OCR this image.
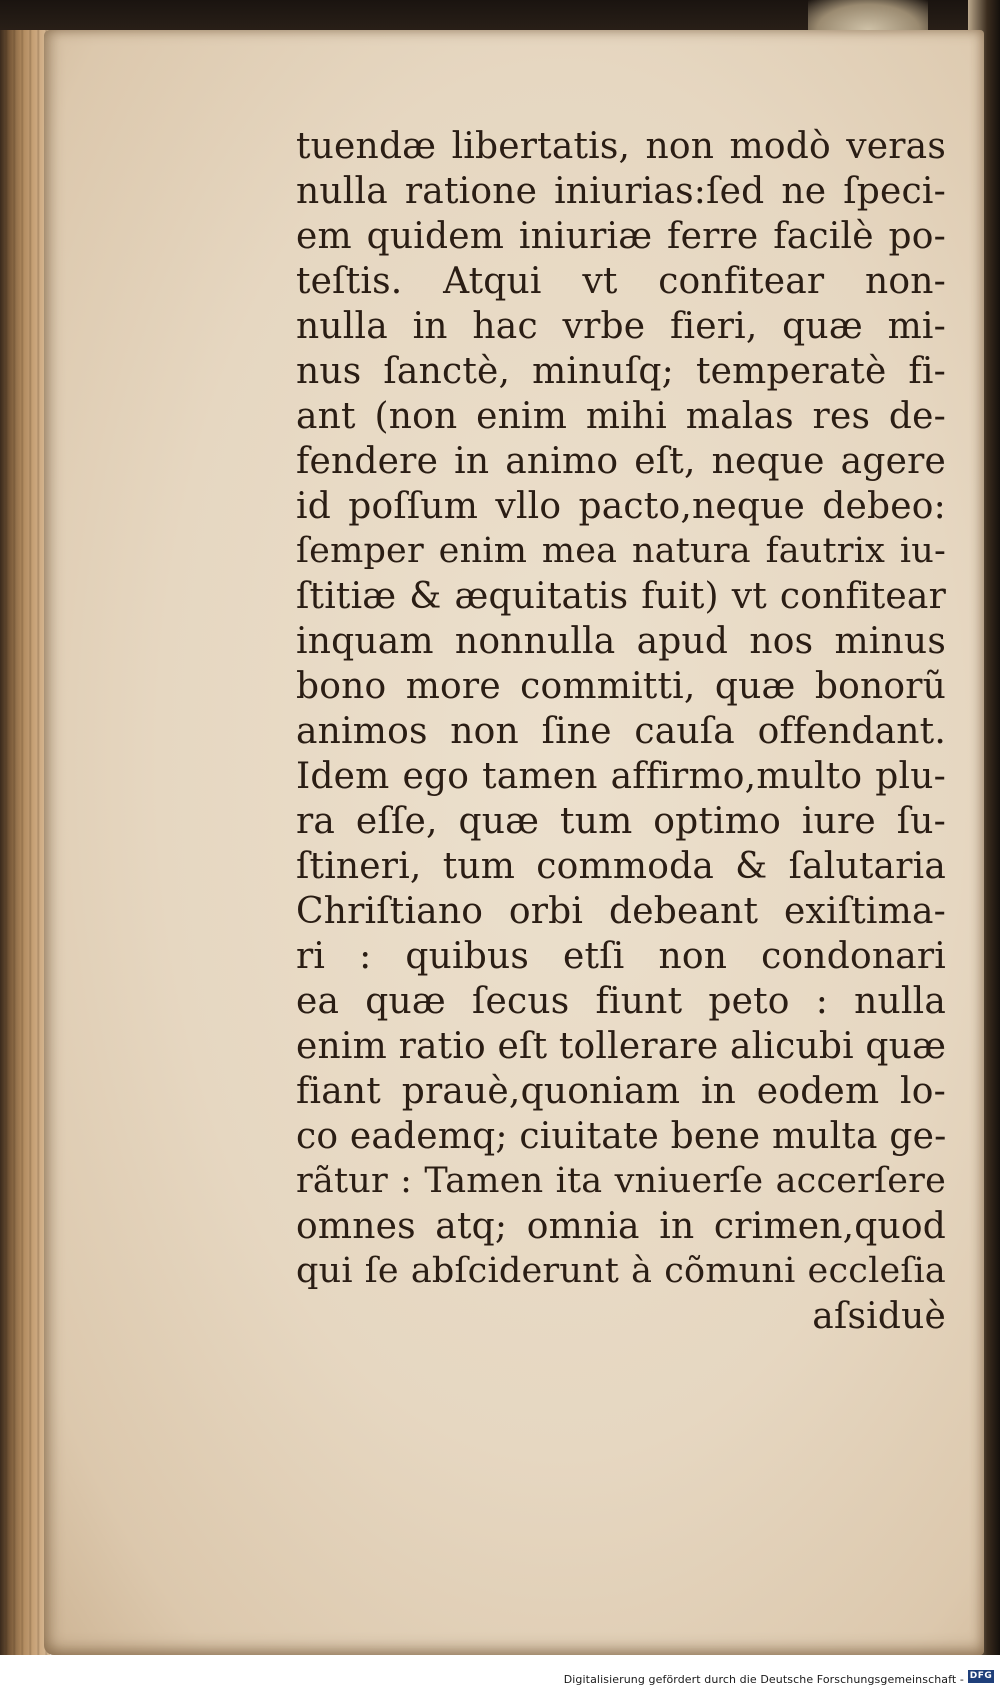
tuendæ libertatis, non modò veras
nulla ratione iniurias:ſed ne ſpeci-
em quidem iniuriæ ferre facilè po-
teſtis. Atqui vt confitear non-
nulla in hac vrbe fieri, quæ mi-
nus ſanctè, minuſq; temperatè fi-
ant (non enim mihi malas res de-
fendere in animo eſt, neque agere
id poſſum vllo pacto,neque debeo:
ſemper enim mea natura fautrix iu-
ſtitiæ & æquitatis fuit) vt confitear
inquam nonnulla apud nos minus
bono more committi, quæ bonorũ
animos non ſine cauſa offendant.
Idem ego tamen affirmo,multo plu-
ra eſſe, quæ tum optimo iure ſu-
ſtineri, tum commoda & ſalutaria
Chriſtiano orbi debeant exiſtima-
ri : quibus etſi non condonari
ea quæ ſecus fiunt peto : nulla
enim ratio eſt tollerare alicubi quæ
fiant prauè,quoniam in eodem lo-
co eademq; ciuitate bene multa ge-
rãtur : Tamen ita vniuerſe accerſere
omnes atq; omnia in crimen,quod
qui ſe abſciderunt à cõmuni eccleſia
aſsiduè
Digitalisierung gefördert durch die Deutsche Forschungsgemeinschaft - DFG
